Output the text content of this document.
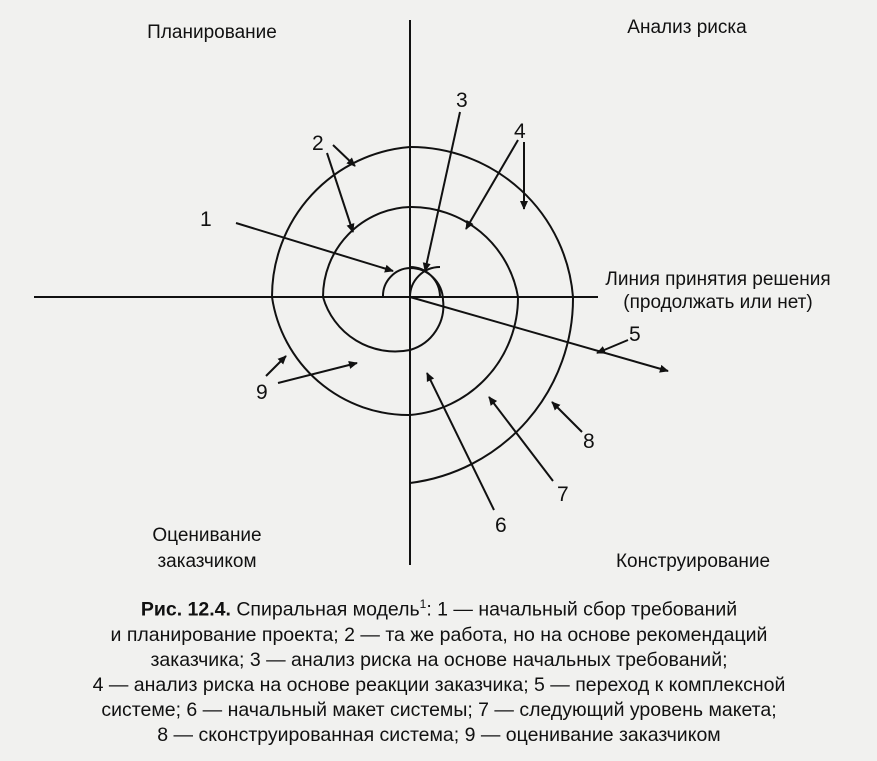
Планирование	Анализ риска
Оценивание
заказчиком	Конструирование
Линия принятия решения
(продолжать или нет)
1
2
3
4
5
6
7
8
9
Рис. 12.4. Спиральная модель$^1$: 1 — начальный сбор требований
и планирование проекта; 2 — та же работа, но на основе рекомендаций
заказчика; 3 — анализ риска на основе начальных требований;
4 — анализ риска на основе реакции заказчика; 5 — переход к комплексной
системе; 6 — начальный макет системы; 7 — следующий уровень макета;
8 — сконструированная система; 9 — оценивание заказчиком
